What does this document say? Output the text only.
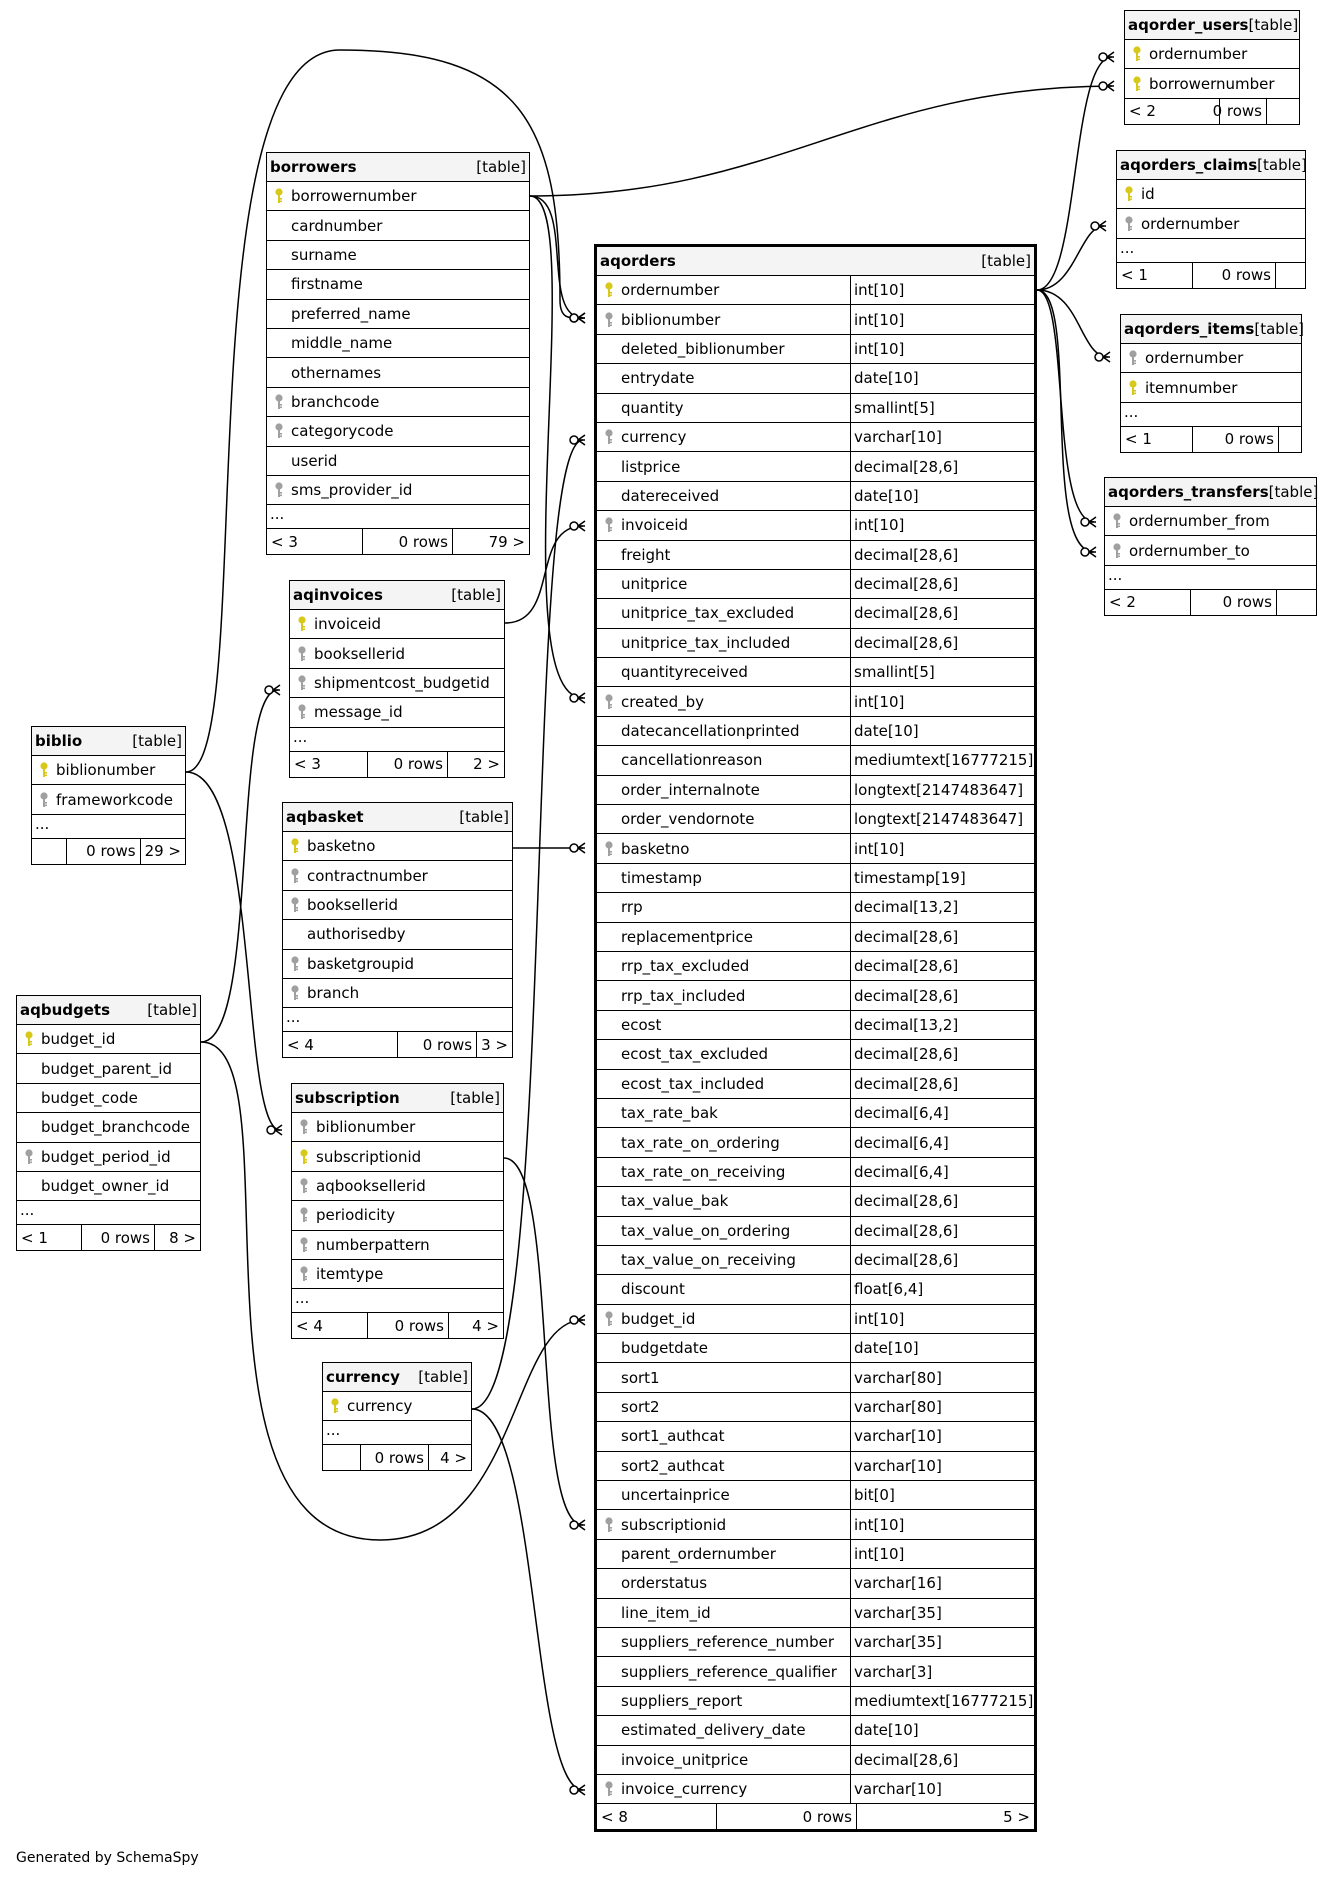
aqorder_users [table]
ordernumber
borrowernumber
< 2	0 rows
aqorders_claims [table]
id
ordernumber
...
< 1	0 rows
aqorders_items [table]
ordernumber
itemnumber
...
< 1	0 rows
aqorders_transfers [table]
ordernumber_from
ordernumber_to
...
< 2	0 rows
borrowers	[table]
borrowernumber
cardnumber
surname
firstname
preferred_name
middle_name
othernames
branchcode
categorycode
userid
sms_provider_id
...
< 3	0 rows	79 >
aqinvoices	[table]
invoiceid
booksellerid
shipmentcost_budgetid
message_id
...
< 3	0 rows	2 >
biblio	[table]
biblionumber
frameworkcode
...
0 rows 29 >
aqbasket	[table]
basketno
contractnumber
booksellerid
authorisedby
basketgroupid
branch
...
< 4	0 rows 3 >
aqbudgets [table]
budget_id
budget_parent_id
budget_code
budget_branchcode
budget_period_id
budget_owner_id
...
< 1	0 rows	8 >
subscription	[table]
biblionumber
subscriptionid
aqbooksellerid
periodicity
numberpattern
itemtype
...
< 4	0 rows	4 >
currency [table]
currency
...
0 rows	4 >
aqorders	[table]
ordernumber	int[10]
biblionumber	int[10]
deleted_biblionumber	int[10]
entrydate	date[10]
quantity	smallint[5]
currency	varchar[10]
listprice	decimal[28,6]
datereceived	date[10]
invoiceid	int[10]
freight	decimal[28,6]
unitprice	decimal[28,6]
unitprice_tax_excluded	decimal[28,6]
unitprice_tax_included	decimal[28,6]
quantityreceived	smallint[5]
created_by	int[10]
datecancellationprinted	date[10]
cancellationreason	mediumtext[16777215]
order_internalnote	longtext[2147483647]
order_vendornote	longtext[2147483647]
basketno	int[10]
timestamp	timestamp[19]
rrp	decimal[13,2]
replacementprice	decimal[28,6]
rrp_tax_excluded	decimal[28,6]
rrp_tax_included	decimal[28,6]
ecost	decimal[13,2]
ecost_tax_excluded	decimal[28,6]
ecost_tax_included	decimal[28,6]
tax_rate_bak	decimal[6,4]
tax_rate_on_ordering	decimal[6,4]
tax_rate_on_receiving	decimal[6,4]
tax_value_bak	decimal[28,6]
tax_value_on_ordering	decimal[28,6]
tax_value_on_receiving	decimal[28,6]
discount	float[6,4]
budget_id	int[10]
budgetdate	date[10]
sort1	varchar[80]
sort2	varchar[80]
sort1_authcat	varchar[10]
sort2_authcat	varchar[10]
uncertainprice	bit[0]
subscriptionid	int[10]
parent_ordernumber	int[10]
orderstatus	varchar[16]
line_item_id	varchar[35]
suppliers_reference_number varchar[35]
suppliers_reference_qualifier varchar[3]
suppliers_report	mediumtext[16777215]
estimated_delivery_date	date[10]
invoice_unitprice	decimal[28,6]
invoice_currency	varchar[10]
< 8	0 rows	5 >
Generated by SchemaSpy
